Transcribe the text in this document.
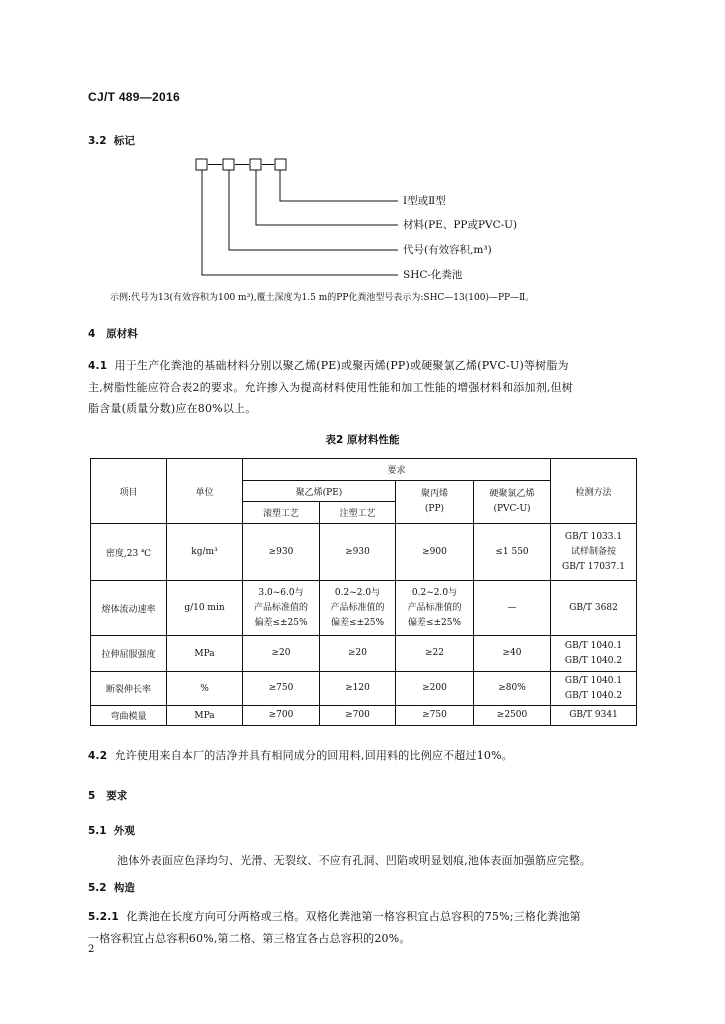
CJ/T 489—2016
3.2 标记
Ⅰ型或Ⅱ型
材料(PE、PP或PVC-U)
代号(有效容积,m³)
SHC-化粪池
示例:代号为13(有效容积为100 m³),覆土深度为1.5 m的PP化粪池型号表示为:SHC—13(100)—PP—Ⅱ。
4 原材料
4.1 用于生产化粪池的基础材料分别以聚乙烯(PE)或聚丙烯(PP)或硬聚氯乙烯(PVC-U)等树脂为
主,树脂性能应符合表2的要求。允许掺入为提高材料使用性能和加工性能的增强材料和添加剂,但树
脂含量(质量分数)应在80%以上。
表2 原材料性能
项目	单位	要求				检测方法
		聚乙烯(PE)		聚丙烯
(PP)	硬聚氯乙烯
(PVC-U)	

		滚塑工艺	注塑工艺			
密度,23 ℃	kg/m³	≥930	≥930	≥900	≤1 550	GB/T 1033.1
试样制备按
GB/T 17037.1

熔体流动速率	g/10 min	3.0~6.0与
产品标准值的
偏差≤±25%	0.2~2.0与
产品标准值的
偏差≤±25%	0.2~2.0与
产品标准值的
偏差≤±25%	—	GB/T 3682

拉伸屈服强度	MPa	≥20	≥20	≥22	≥40	GB/T 1040.1
GB/T 1040.2

断裂伸长率	%	≥750	≥120	≥200	≥80%	GB/T 1040.1
GB/T 1040.2

弯曲模量	MPa	≥700	≥700	≥750	≥2500	GB/T 9341
4.2 允许使用来自本厂的洁净并具有相同成分的回用料,回用料的比例应不超过10%。
5 要求
5.1 外观
池体外表面应色泽均匀、光滑、无裂纹、不应有孔洞、凹陷或明显划痕,池体表面加强筋应完整。
5.2 构造
5.2.1 化粪池在长度方向可分两格或三格。双格化粪池第一格容积宜占总容积的75%;三格化粪池第
一格容积宜占总容积60%,第二格、第三格宜各占总容积的20%。
2
